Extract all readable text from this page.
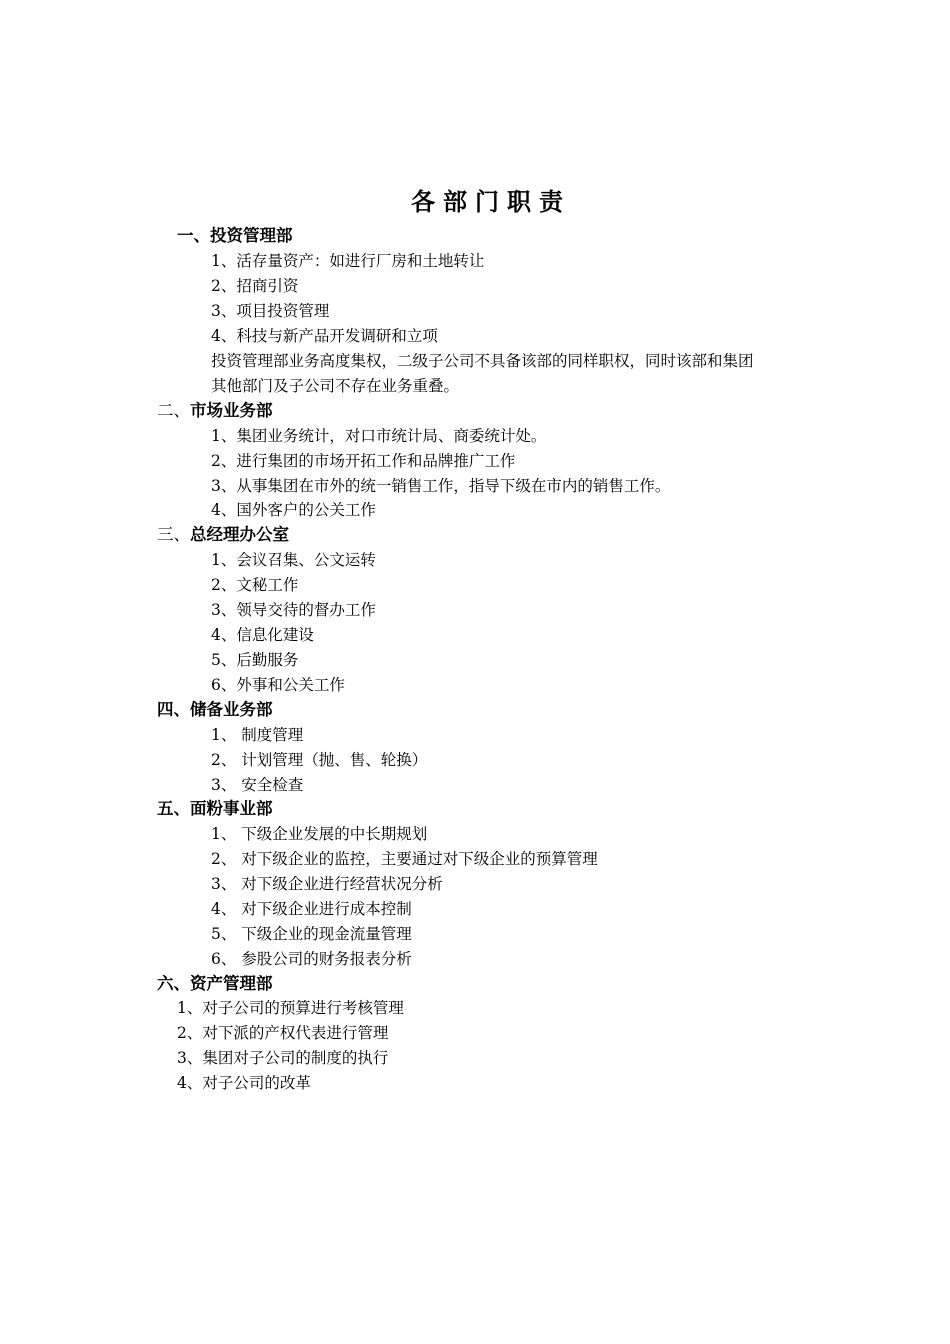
各部门职责
一、投资管理部
1、活存量资产：如进行厂房和土地转让
2、招商引资
3、项目投资管理
4、科技与新产品开发调研和立项
投资管理部业务高度集权，二级子公司不具备该部的同样职权，同时该部和集团
其他部门及子公司不存在业务重叠。
二、市场业务部
1、集团业务统计，对口市统计局、商委统计处。
2、进行集团的市场开拓工作和品牌推广工作
3、从事集团在市外的统一销售工作，指导下级在市内的销售工作。
4、国外客户的公关工作
三、总经理办公室
1、会议召集、公文运转
2、文秘工作
3、领导交待的督办工作
4、信息化建设
5、后勤服务
6、外事和公关工作
四、储备业务部
1、 制度管理
2、 计划管理（抛、售、轮换）
3、 安全检查
五、面粉事业部
1、 下级企业发展的中长期规划
2、 对下级企业的监控，主要通过对下级企业的预算管理
3、 对下级企业进行经营状况分析
4、 对下级企业进行成本控制
5、 下级企业的现金流量管理
6、 参股公司的财务报表分析
六、资产管理部
1、对子公司的预算进行考核管理
2、对下派的产权代表进行管理
3、集团对子公司的制度的执行
4、对子公司的改革
